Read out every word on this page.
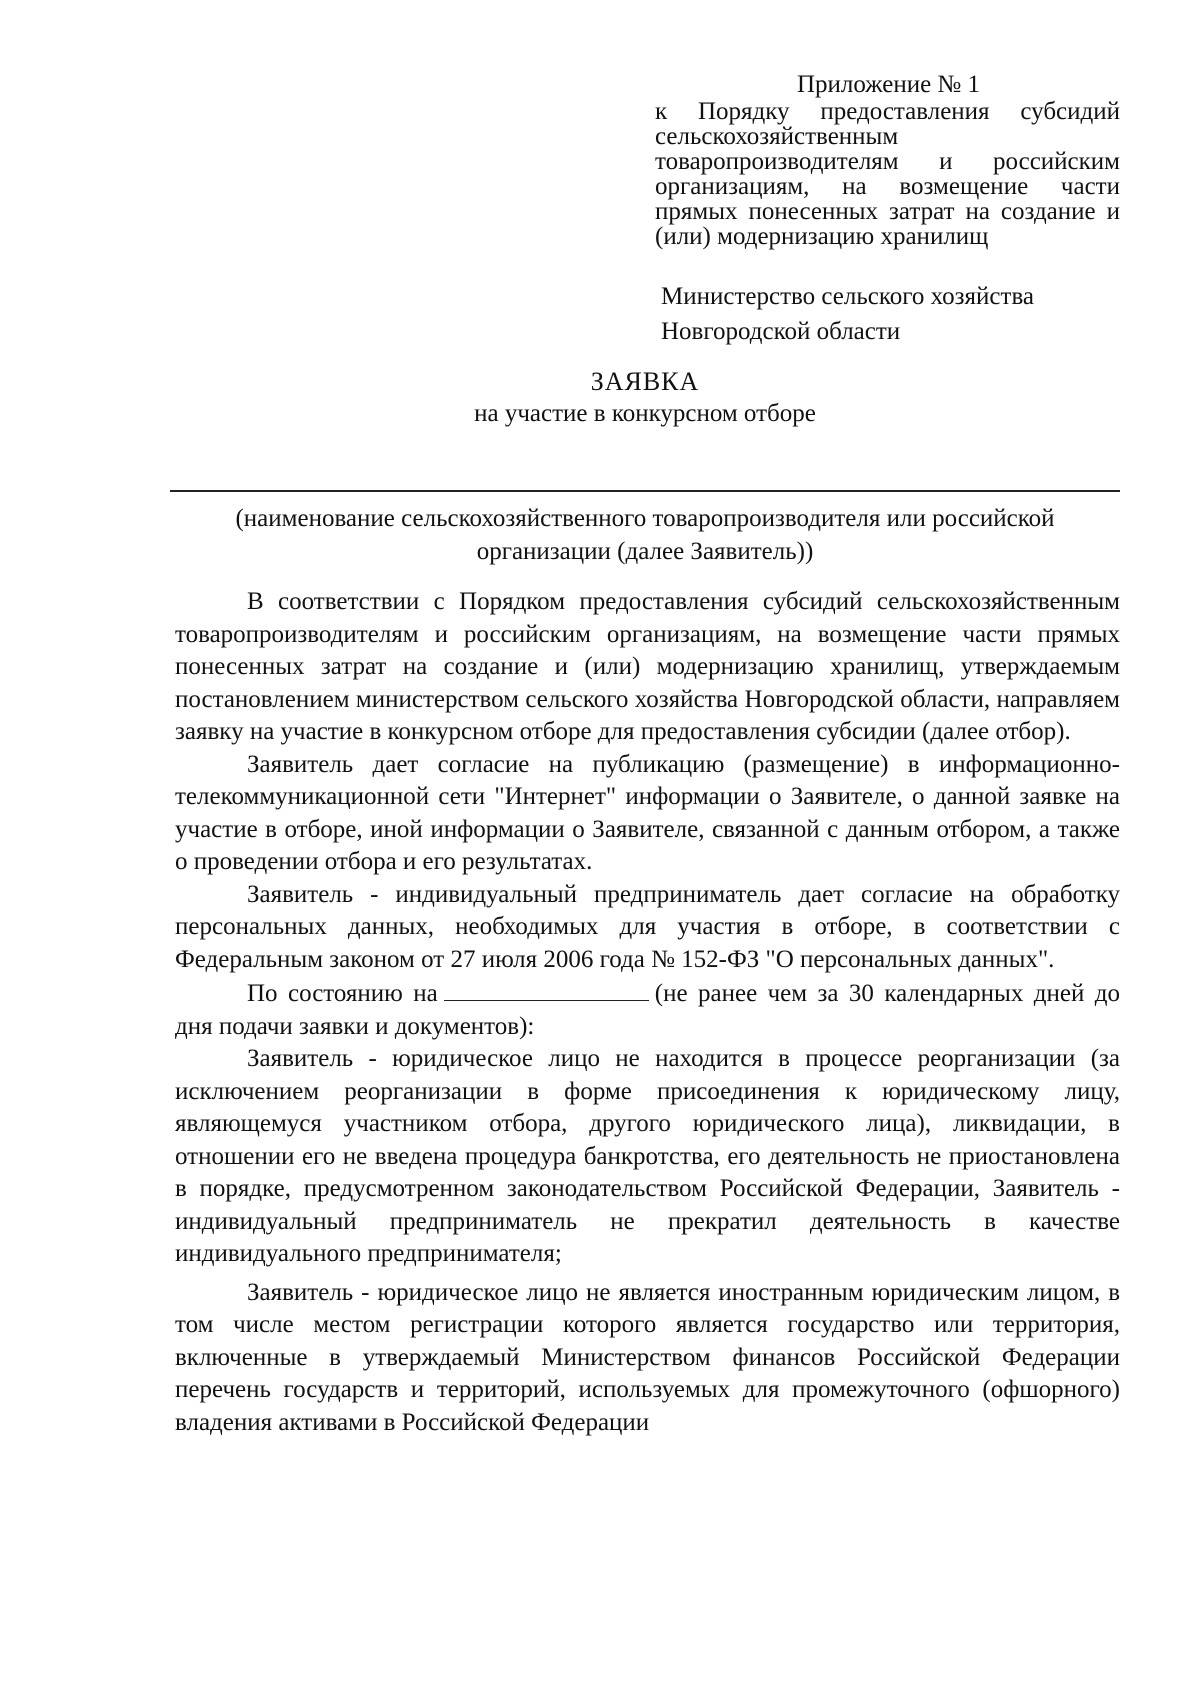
Приложение № 1
к Порядку предоставления субсидий сельскохозяйственным товаропроизводителям и российским организациям, на возмещение части прямых понесенных затрат на создание и (или) модернизацию хранилищ
Министерство сельского хозяйства
Новгородской области
ЗАЯВКА
на участие в конкурсном отборе
(наименование сельскохозяйственного товаропроизводителя или российской
организации (далее Заявитель))

В соответствии с Порядком предоставления субсидий сельскохозяйственным товаропроизводителям и российским организациям, на возмещение части прямых понесенных затрат на создание и (или) модернизацию хранилищ, утверждаемым постановлением министерством сельского хозяйства Новгородской области, направляем заявку на участие в конкурсном отборе для предоставления субсидии (далее отбор).

Заявитель дает согласие на публикацию (размещение) в информационно-телекоммуникационной сети "Интернет" информации о Заявителе, о данной заявке на участие в отборе, иной информации о Заявителе, связанной с данным отбором, а также о проведении отбора и его результатах.

Заявитель - индивидуальный предприниматель дает согласие на обработку персональных данных, необходимых для участия в отборе, в соответствии с Федеральным законом от 27 июля 2006 года № 152-ФЗ "О персональных данных".

По состоянию на	(не ранее чем за 30 календарных дней до дня подачи заявки и документов):

Заявитель - юридическое лицо не находится в процессе реорганизации (за исключением реорганизации в форме присоединения к юридическому лицу, являющемуся участником отбора, другого юридического лица), ликвидации, в отношении его не введена процедура банкротства, его деятельность не приостановлена в порядке, предусмотренном законодательством Российской Федерации, Заявитель - индивидуальный предприниматель не прекратил деятельность в качестве индивидуального предпринимателя;

Заявитель - юридическое лицо не является иностранным юридическим лицом, в том числе местом регистрации которого является государство или территория, включенные в утверждаемый Министерством финансов Российской Федерации перечень государств и территорий, используемых для промежуточного (офшорного) владения активами в Российской Федерации
